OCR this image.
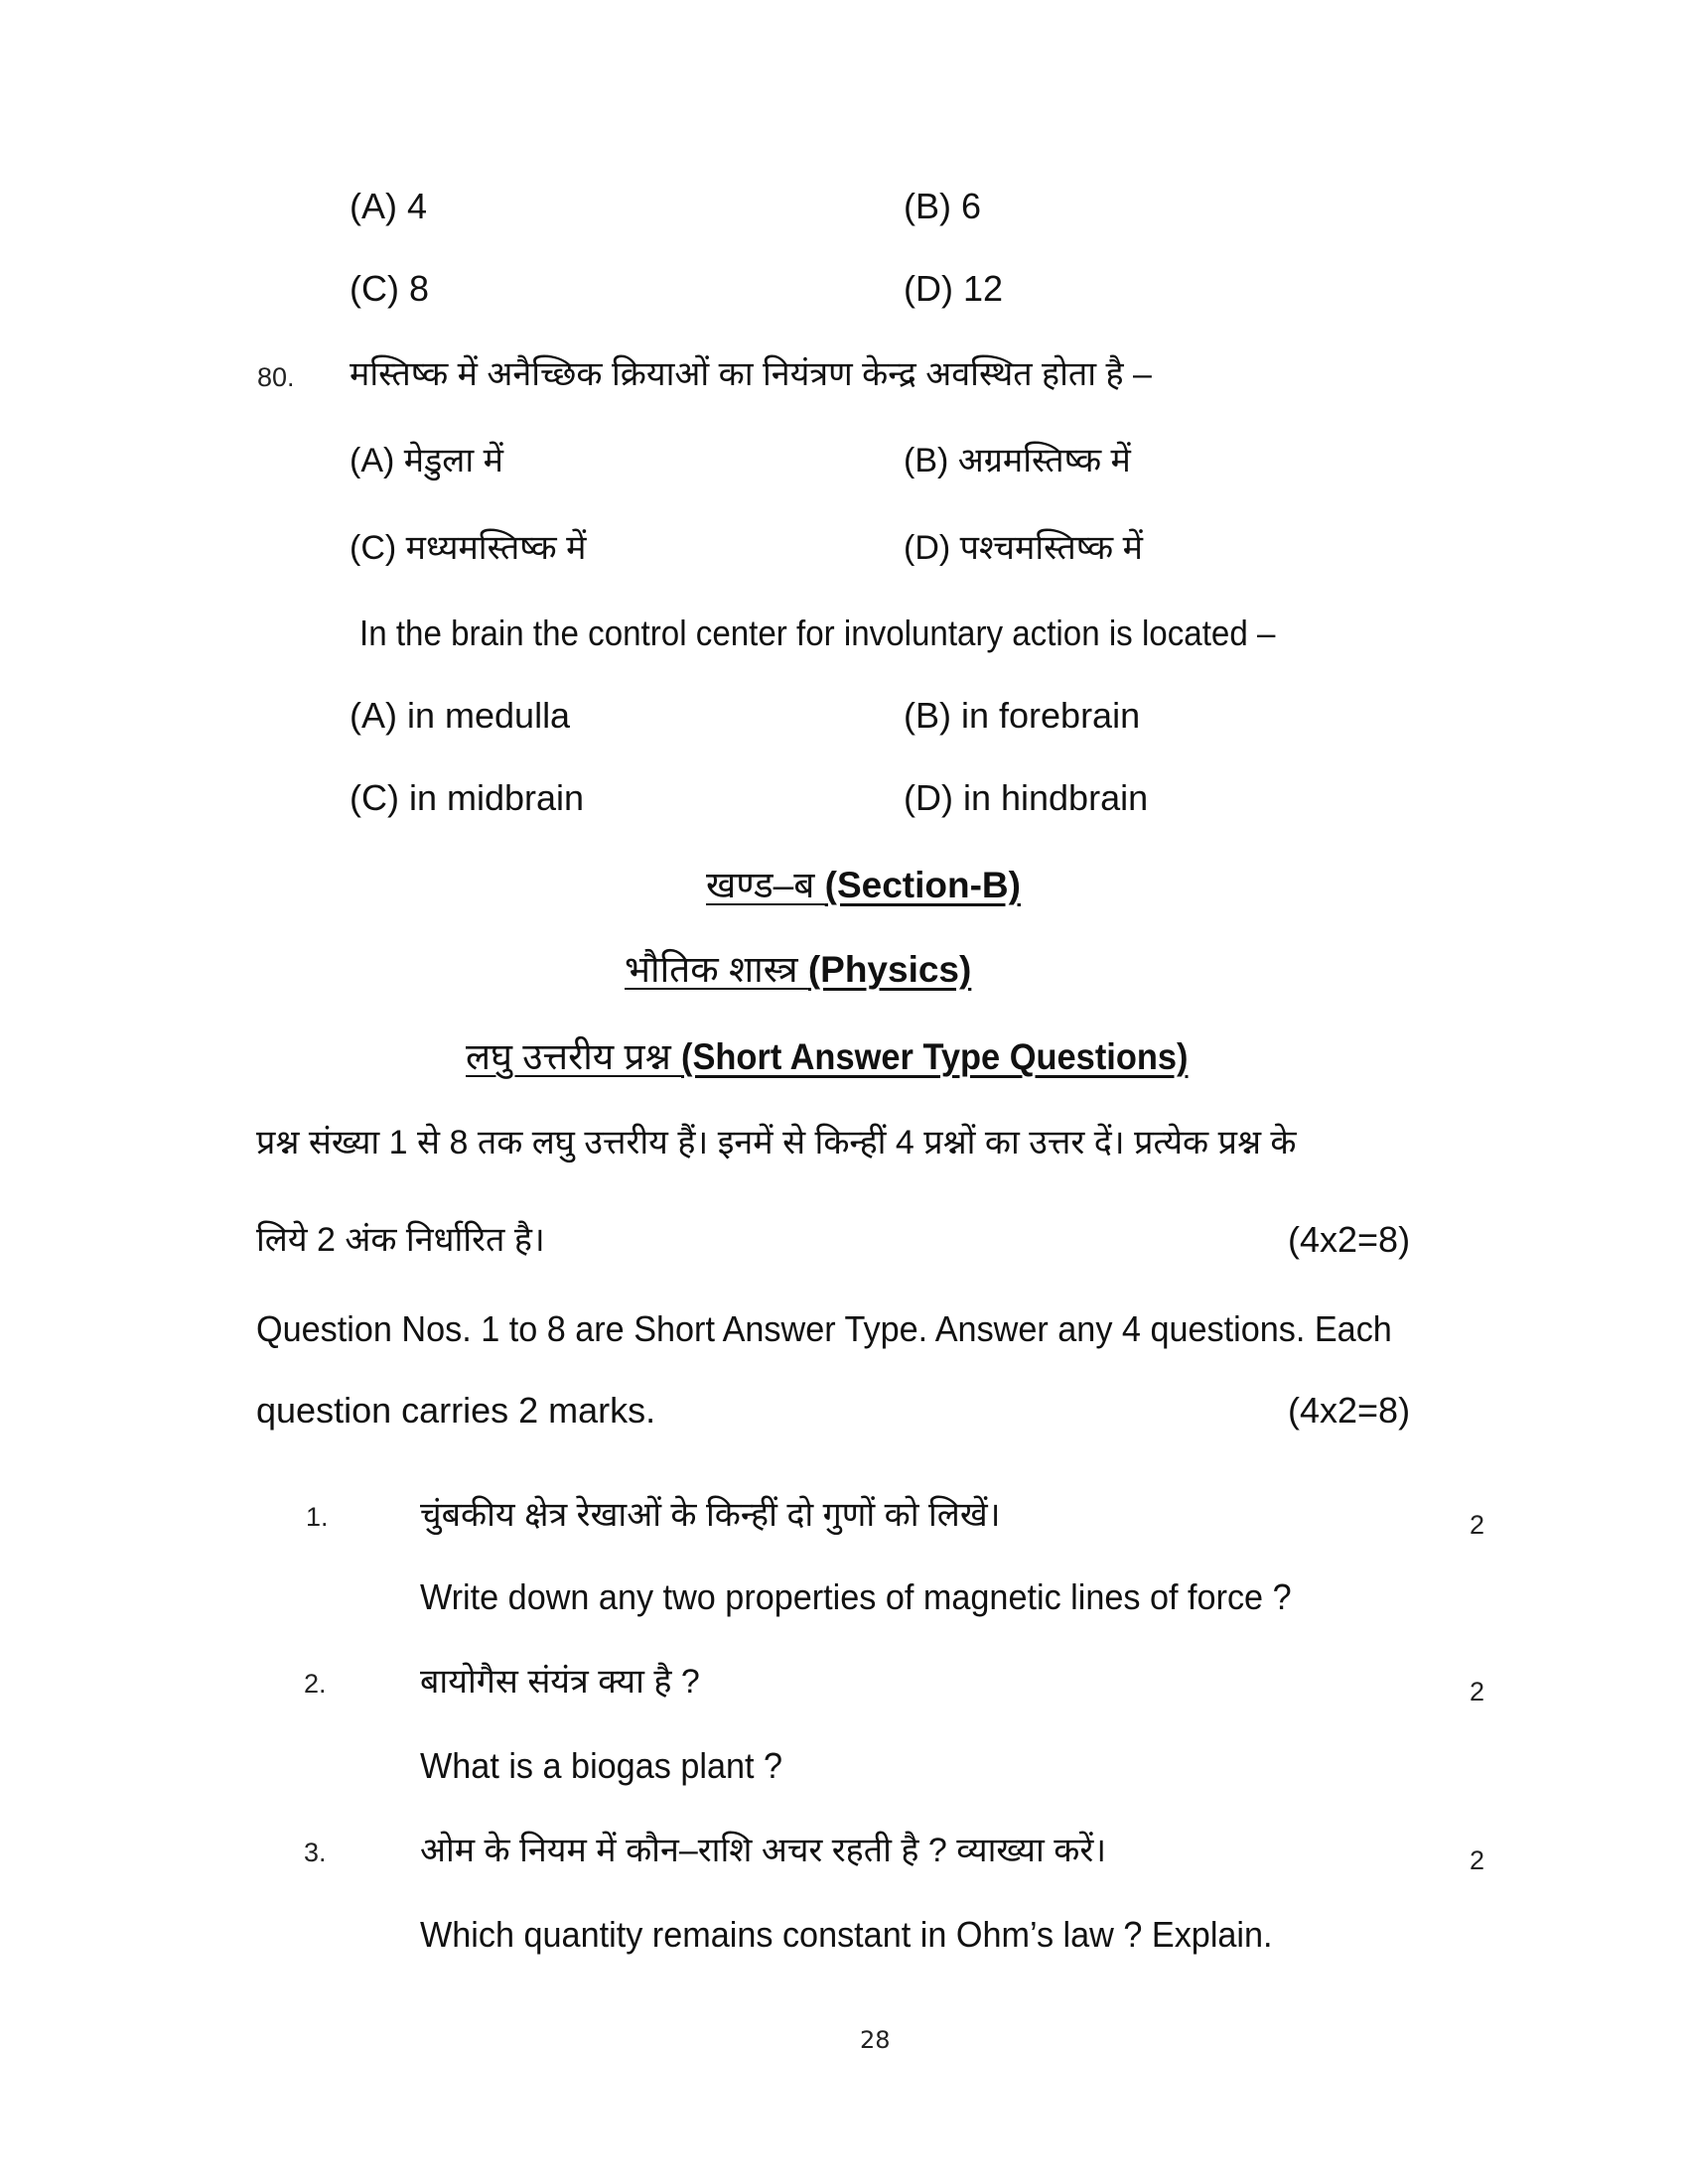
(A) 4	(B) 6
(C) 8	(D) 12
80. मस्तिष्क में अनैच्छिक क्रियाओं का नियंत्रण केन्द्र अवस्थित होता है –
(A) मेडुला में	(B) अग्रमस्तिष्क में
(C) मध्यमस्तिष्क में	(D) पश्चमस्तिष्क में
In the brain the control center for involuntary action is located –
(A) in medulla	(B) in forebrain
(C) in midbrain	(D) in hindbrain
खण्ड–ब (Section-B)
भौतिक शास्त्र (Physics)
लघु उत्तरीय प्रश्न (Short Answer Type Questions)
प्रश्न संख्या 1 से 8 तक लघु उत्तरीय हैं। इनमें से किन्हीं 4 प्रश्नों का उत्तर दें। प्रत्येक प्रश्न के
लिये 2 अंक निर्धारित है।	(4x2=8)
Question Nos. 1 to 8 are Short Answer Type. Answer any 4 questions. Each
question carries 2 marks.	(4x2=8)
1.	चुंबकीय क्षेत्र रेखाओं के किन्हीं दो गुणों को लिखें।	2
Write down any two properties of magnetic lines of force ?
2.	बायोगैस संयंत्र क्या है ?	2
What is a biogas plant ?
3.	ओम के नियम में कौन–राशि अचर रहती है ? व्याख्या करें।	2
Which quantity remains constant in Ohm’s law ? Explain.
28
